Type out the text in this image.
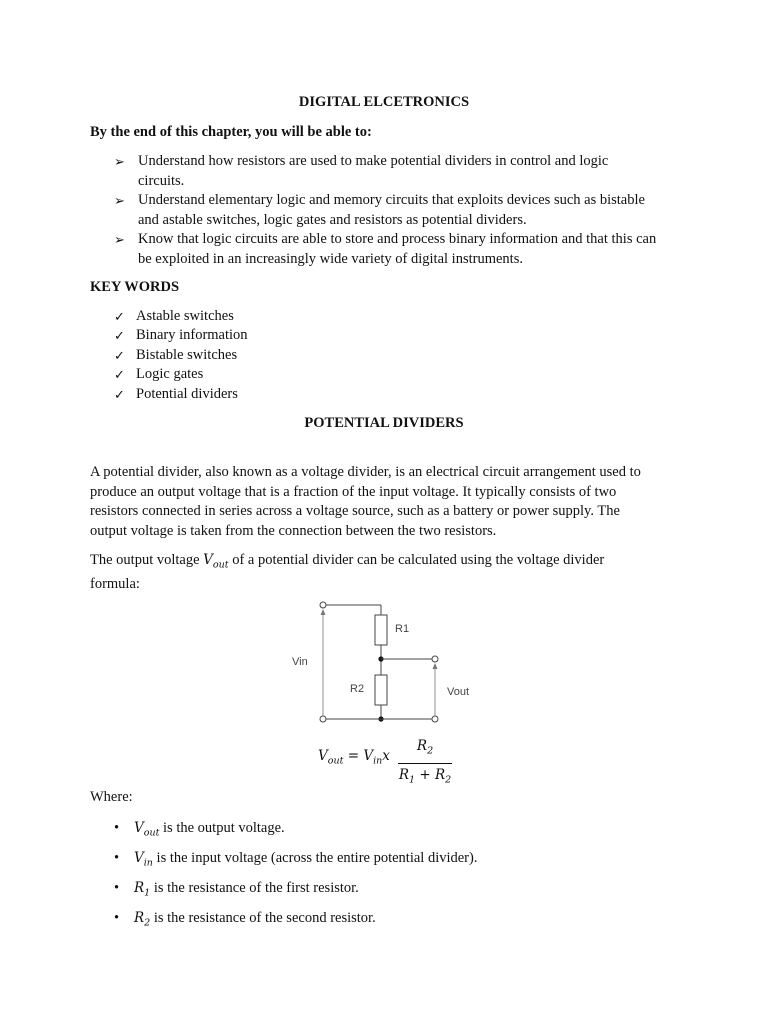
DIGITAL ELCETRONICS
By the end of this chapter, you will be able to:
➢ Understand how resistors are used to make potential dividers in control and logic
circuits.
➢ Understand elementary logic and memory circuits that exploits devices such as bistable
and astable switches, logic gates and resistors as potential dividers.
➢ Know that logic circuits are able to store and process binary information and that this can
be exploited in an increasingly wide variety of digital instruments.
KEY WORDS
✓ Astable switches
✓ Binary information
✓ Bistable switches
✓ Logic gates
✓ Potential dividers
POTENTIAL DIVIDERS

A potential divider, also known as a voltage divider, is an electrical circuit arrangement used to
produce an output voltage that is a fraction of the input voltage. It typically consists of two
resistors connected in series across a voltage source, such as a battery or power supply. The
output voltage is taken from the connection between the two resistors.

The output voltage $V_{out}$ of a potential divider can be calculated using the voltage divider
formula:

R1
R2
Vin
Vout
$V_{out} = V_{in}x$
$R_2$
$R_1 + R_2$
Where:
• $V_{out}$ is the output voltage.
• $V_{in}$ is the input voltage (across the entire potential divider).
• $R_1$ is the resistance of the first resistor.
• $R_2$ is the resistance of the second resistor.
